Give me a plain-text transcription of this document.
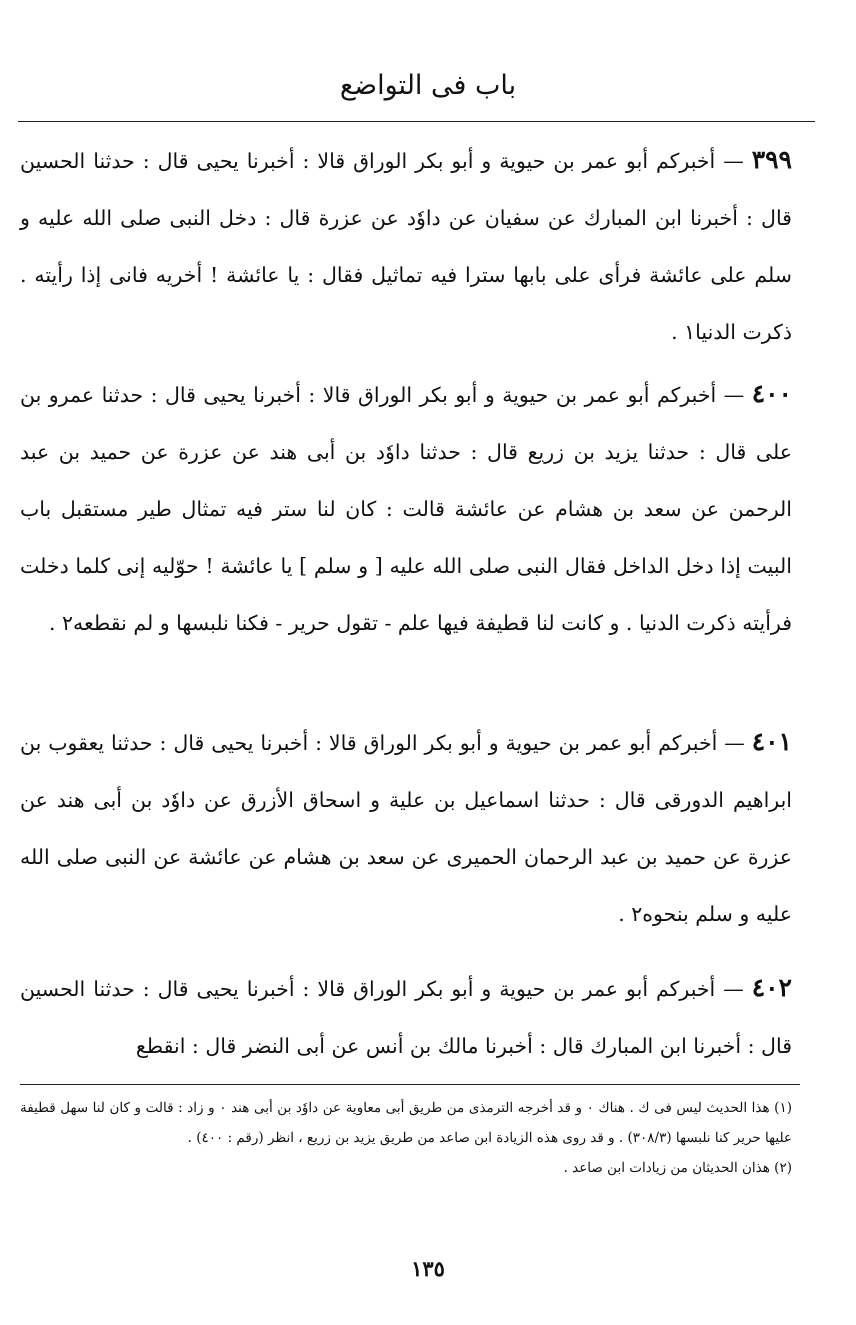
باب فى التواضع
٣٩٩ — أخبركم أبو عمر بن حيوية و أبو بكر الوراق قالا : أخبرنا يحيى قال : حدثنا الحسين قال : أخبرنا ابن المبارك عن سفيان عن داوٗد عن عزرة قال : دخل النبى صلى الله عليه و سلم على عائشة فرأى على بابها سترا فيه تماثيل فقال : يا عائشة ! أخريه فانى إذا رأيته . ذكرت الدنيا١ .
٤٠٠ — أخبركم أبو عمر بن حيوية و أبو بكر الوراق قالا : أخبرنا يحيى قال : حدثنا عمرو بن على قال : حدثنا يزيد بن زريع قال : حدثنا داوٗد بن أبى هند عن عزرة عن حميد بن عبد الرحمن عن سعد بن هشام عن عائشة قالت : كان لنا ستر فيه تمثال طير مستقبل باب البيت إذا دخل الداخل فقال النبى صلى الله عليه [ و سلم ] يا عائشة ! حوّليه إنى كلما دخلت فرأيته ذكرت الدنيا . و كانت لنا قطيفة فيها علم - تقول حرير - فكنا نلبسها و لم نقطعه٢ .
٤٠١ — أخبركم أبو عمر بن حيوية و أبو بكر الوراق قالا : أخبرنا يحيى قال : حدثنا يعقوب بن ابراهيم الدورقى قال : حدثنا اسماعيل بن علية و اسحاق الأزرق عن داوٗد بن أبى هند عن عزرة عن حميد بن عبد الرحمان الحميرى عن سعد بن هشام عن عائشة عن النبى صلى الله عليه و سلم بنحوه٢ .
٤٠٢ — أخبركم أبو عمر بن حيوية و أبو بكر الوراق قالا : أخبرنا يحيى قال : حدثنا الحسين قال : أخبرنا ابن المبارك قال : أخبرنا مالك بن أنس عن أبى النضر قال : انقطع

(١) هذا الحديث ليس فى ك . هناك ٠ و قد أخرجه الترمذى من طريق أبى معاوية عن داوٗد بن أبى هند ٠ و زاد : قالت و كان لنا سهل قطيفة عليها حرير كنا نلبسها (٣٠٨/٣) . و قد روى هذه الزيادة ابن صاعد من طريق يزيد بن زريع ، انظر (رقم : ٤٠٠) .

(٢) هذان الحديثان من زيادات ابن صاعد .

١٣٥
